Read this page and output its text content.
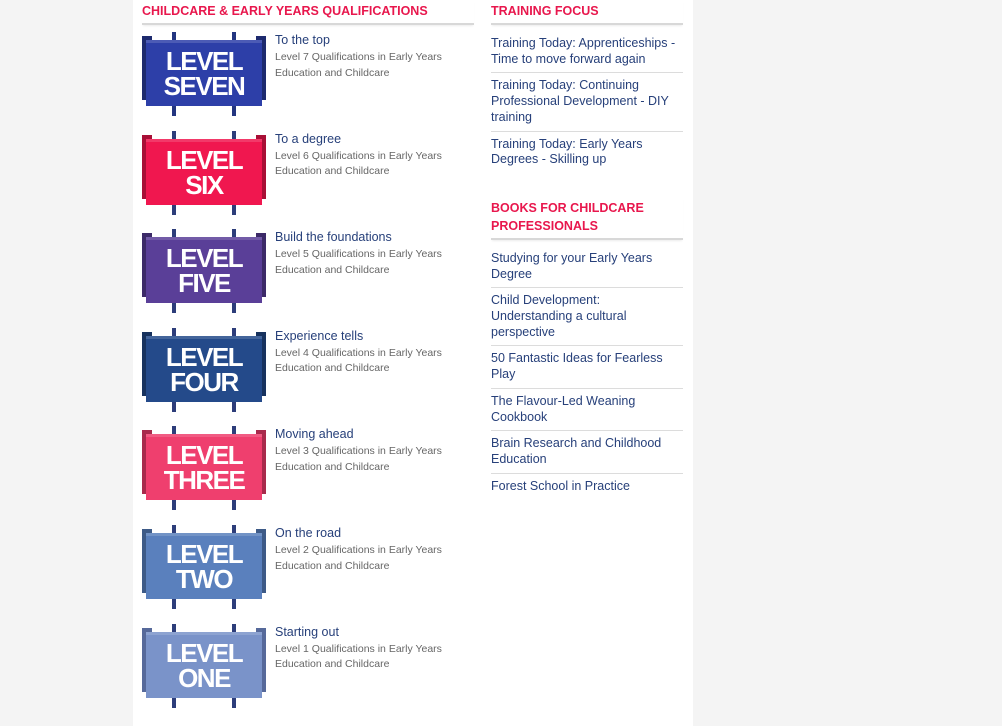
CHILDCARE & EARLY YEARS QUALIFICATIONS
LEVEL
SEVEN
To the top
Level 7 Qualifications in Early Years Education and Childcare
LEVEL
SIX
To a degree
Level 6 Qualifications in Early Years Education and Childcare
LEVEL
FIVE
Build the foundations
Level 5 Qualifications in Early Years Education and Childcare
LEVEL
FOUR
Experience tells
Level 4 Qualifications in Early Years Education and Childcare
LEVEL
THREE
Moving ahead
Level 3 Qualifications in Early Years Education and Childcare
LEVEL
TWO
On the road
Level 2 Qualifications in Early Years Education and Childcare
LEVEL
ONE
Starting out
Level 1 Qualifications in Early Years Education and Childcare
TRAINING FOCUS
Training Today: Apprenticeships - Time to move forward again
Training Today: Continuing Professional Development - DIY training
Training Today: Early Years Degrees - Skilling up
BOOKS FOR CHILDCARE PROFESSIONALS
Studying for your Early Years Degree
Child Development: Understanding a cultural perspective
50 Fantastic Ideas for Fearless Play
The Flavour-Led Weaning Cookbook
Brain Research and Childhood Education
Forest School in Practice
